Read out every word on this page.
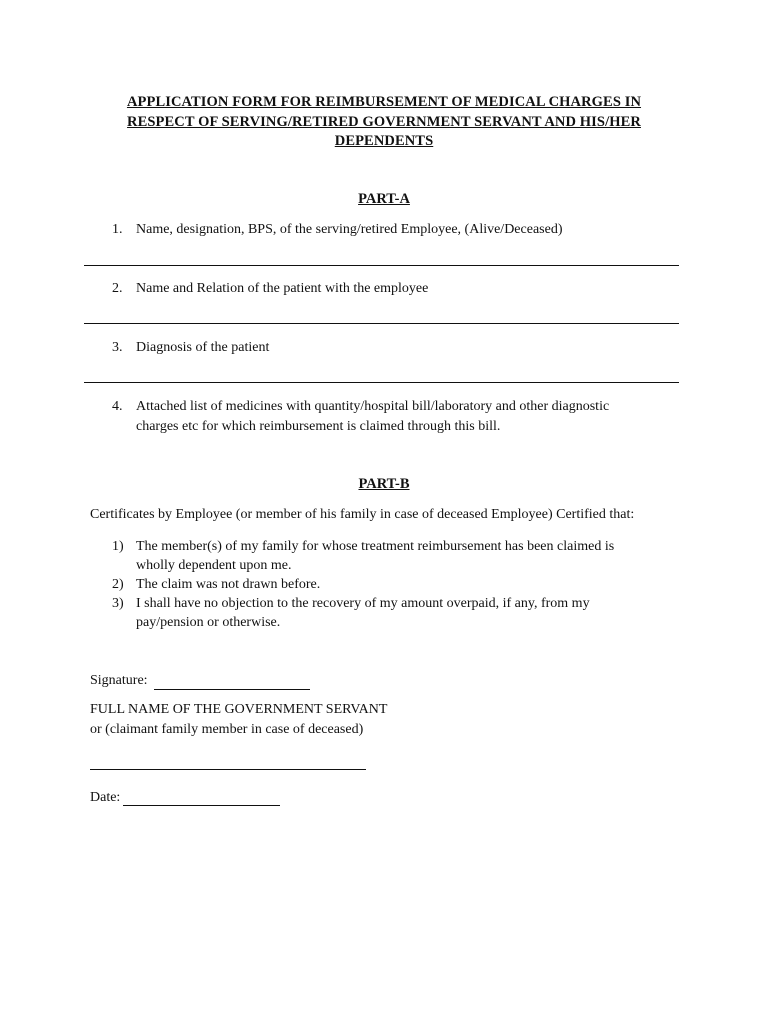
APPLICATION FORM FOR REIMBURSEMENT OF MEDICAL CHARGES IN
RESPECT OF SERVING/RETIRED GOVERNMENT SERVANT AND HIS/HER
DEPENDENTS
PART-A
1. Name, designation, BPS, of the serving/retired Employee, (Alive/Deceased)
2. Name and Relation of the patient with the employee
3. Diagnosis of the patient
4. Attached list of medicines with quantity/hospital bill/laboratory and other diagnostic
charges etc for which reimbursement is claimed through this bill.
PART-B
Certificates by Employee (or member of his family in case of deceased Employee) Certified that:
1) The member(s) of my family for whose treatment reimbursement has been claimed is
wholly dependent upon me.
2) The claim was not drawn before.
3) I shall have no objection to the recovery of my amount overpaid, if any, from my
pay/pension or otherwise.
Signature:
FULL NAME OF THE GOVERNMENT SERVANT
or (claimant family member in case of deceased)
Date:
